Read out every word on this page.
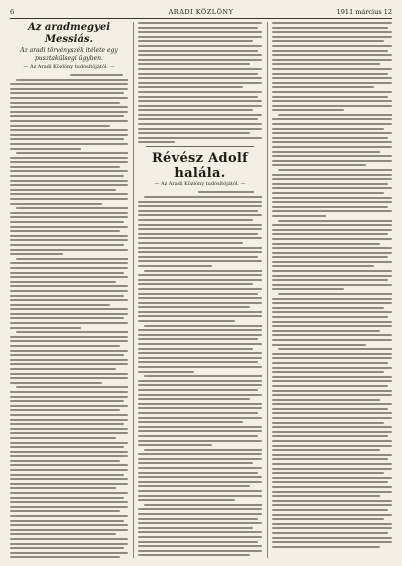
6	ARADI KÖZLÖNY	1911 március 12
Az aradmegyei Messiás.
Az aradi törvényszék itélete egy pusztakülsegi ügyben.
— Az Aradi Közlöny tudósítójától. —
Révész Adolf halála.
— Az Aradi Közlöny tudósítójától. —
